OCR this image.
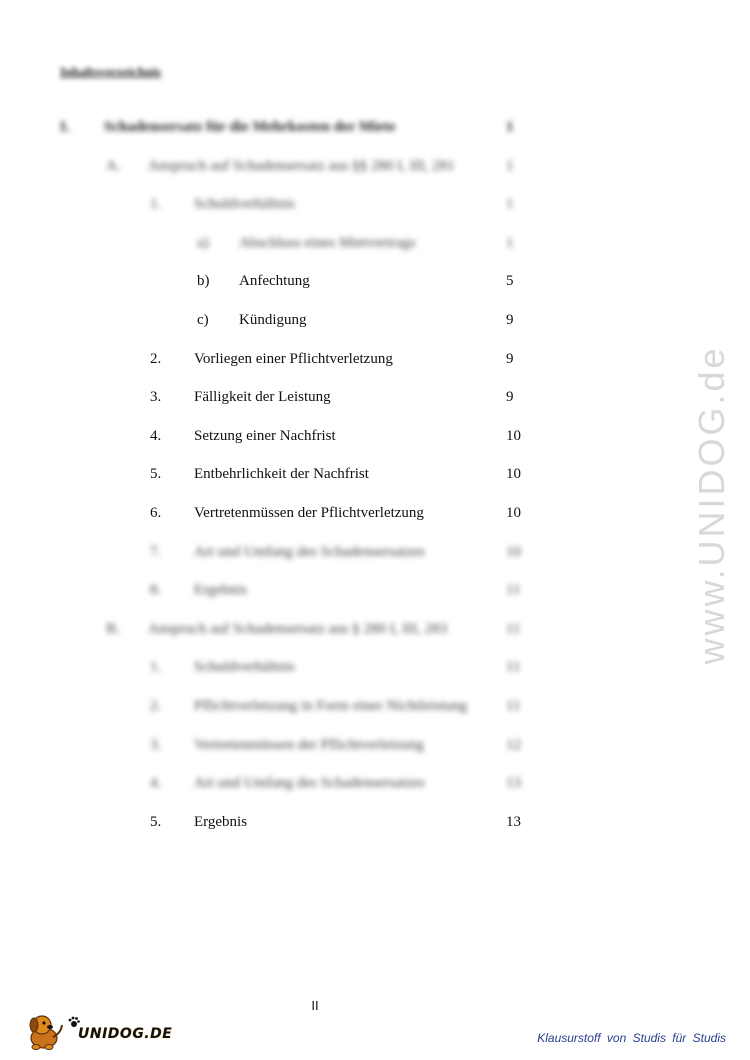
Inhaltsverzeichnis
I. Schadensersatz für die Mehrkosten der Miete	1
A. Anspruch auf Schadensersatz aus §§ 280 I, III, 281	1
1. Schuldverhältnis	1
a) Abschluss eines Mietvertrags	1
b) Anfechtung	5
c) Kündigung	9
2. Vorliegen einer Pflichtverletzung	9
3. Fälligkeit der Leistung	9
4. Setzung einer Nachfrist	10
5. Entbehrlichkeit der Nachfrist	10
6. Vertretenmüssen der Pflichtverletzung	10
7. Art und Umfang des Schadensersatzes	10
8. Ergebnis	11
B. Anspruch auf Schadensersatz aus § 280 I, III, 283	11
1. Schuldverhältnis	11
2. Pflichtverletzung in Form einer Nichtleistung	11
3. Vertretenmüssen der Pflichtverletzung	12
4. Art und Umfang des Schadensersatzes	13
5. Ergebnis	13
II
www.UNIDOG.de
UNIDOG.DE	Klausurstoff von Studis für Studis
